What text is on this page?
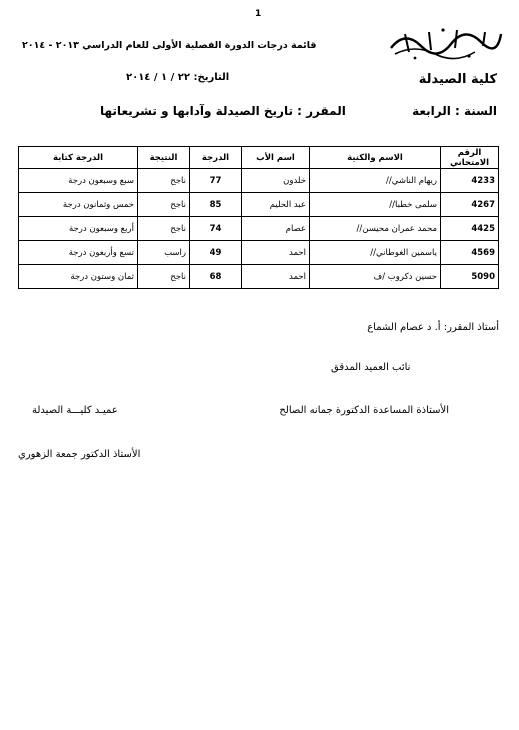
1
قائمة درجات الدورة الفصلية الأولى للعام الدراسي ٢٠١٣ - ٢٠١٤
كلية الصيدلة
التاريخ: ٢٢ / ١ / ٢٠١٤
السنة : الرابعة
المقرر : تاريخ الصيدلة وآدابها و تشريعاتها
الرقم الامتحاني	الاسم والكنية	اسم الأب	الدرجة	النتيجة	الدرجة كتابة
4233	ريهام الناشي//	خلدون	77	ناجح	سبع وسبعون درجة
4267	سلمى خطبا//	عبد الحليم	85	ناجح	خمس وثمانون درجة
4425	محمد عمران محيسن//	عصام	74	ناجح	أربع وسبعون درجة
4569	ياسمين الغوطاني//	احمد	49	راسب	تسع وأربعون درجة
5090	حسين دكروب /ف	احمد	68	ناجح	ثمان وستون درجة
أستاذ المقرر: أ. د عصام الشماع
نائب العميد المدقق
الأستاذة المساعدة الدكتورة جمانه الصالح
عميـد كليـــة الصيدلة
الأستاذ الدكتور جمعة الزهوري
